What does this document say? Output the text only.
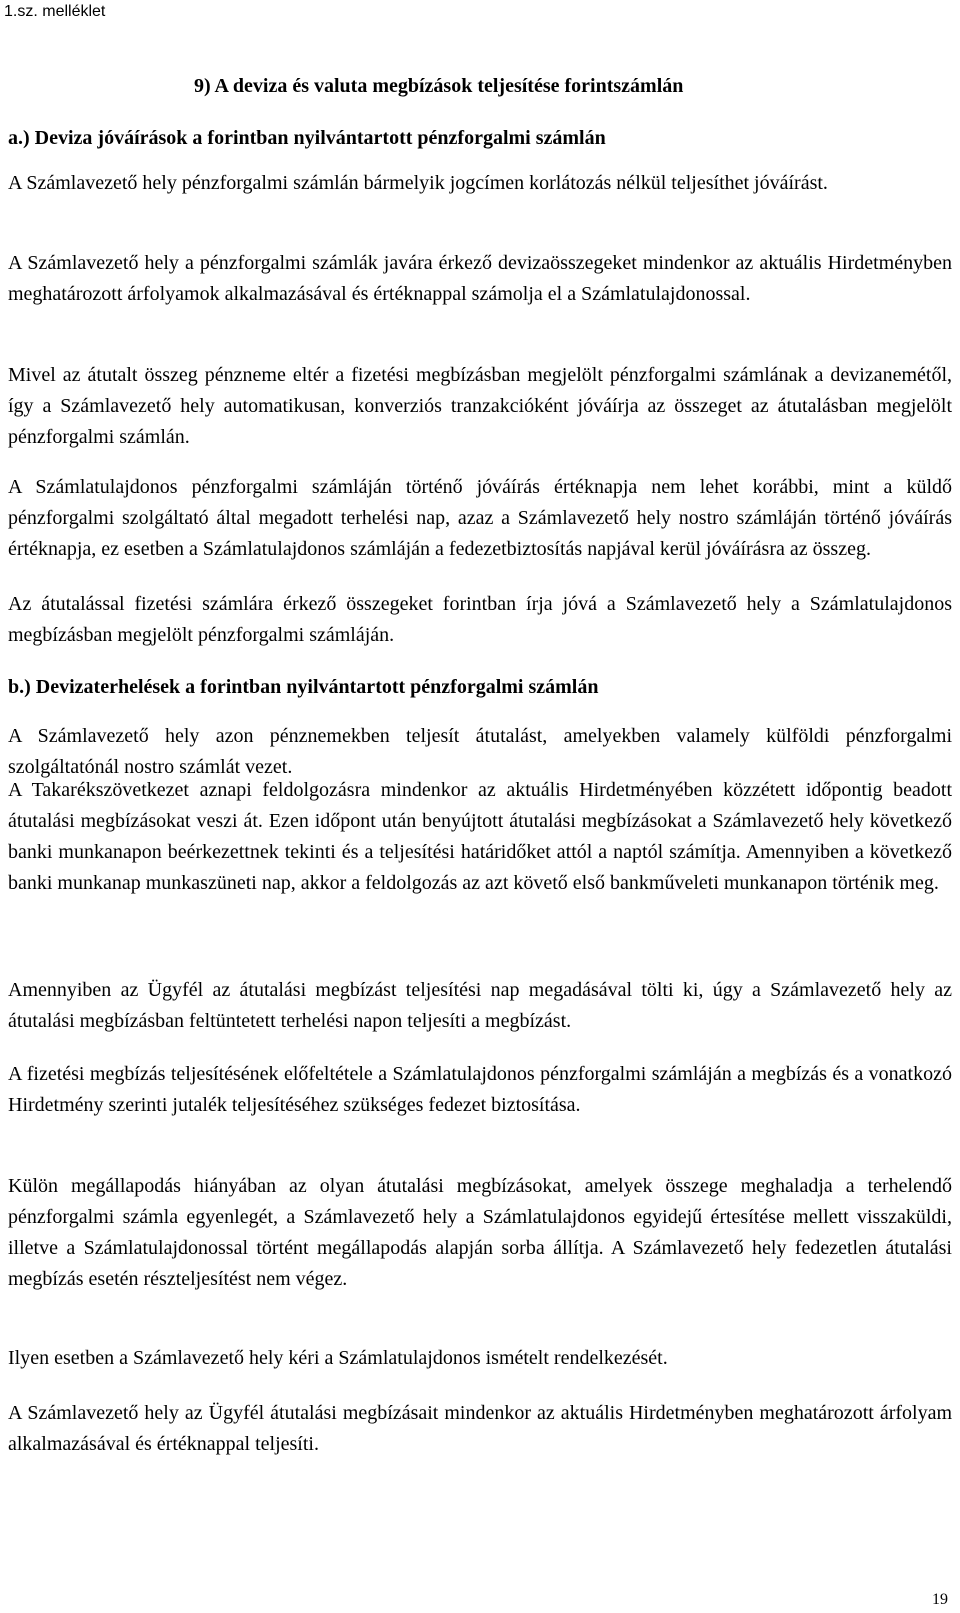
1.sz. melléklet
9) A deviza és valuta megbízások teljesítése forintszámlán
a.) Deviza jóváírások a forintban nyilvántartott pénzforgalmi számlán

A Számlavezető hely pénzforgalmi számlán bármelyik jogcímen korlátozás nélkül teljesíthet jóváírást.

A Számlavezető hely a pénzforgalmi számlák javára érkező devizaösszegeket mindenkor az aktuális Hirdetményben meghatározott árfolyamok alkalmazásával és értéknappal számolja el a Számlatulajdonossal.

Mivel az átutalt összeg pénzneme eltér a fizetési megbízásban megjelölt pénzforgalmi számlának a devizanemétől, így a Számlavezető hely automatikusan, konverziós tranzakcióként jóváírja az összeget az átutalásban megjelölt pénzforgalmi számlán.

A Számlatulajdonos pénzforgalmi számláján történő jóváírás értéknapja nem lehet korábbi, mint a küldő pénzforgalmi szolgáltató által megadott terhelési nap, azaz a Számlavezető hely nostro számláján történő jóváírás értéknapja, ez esetben a Számlatulajdonos számláján a fedezetbiztosítás napjával kerül jóváírásra az összeg.

Az átutalással fizetési számlára érkező összegeket forintban írja jóvá a Számlavezető hely a Számlatulajdonos megbízásban megjelölt pénzforgalmi számláján.

b.) Devizaterhelések a forintban nyilvántartott pénzforgalmi számlán

A Számlavezető hely azon pénznemekben teljesít átutalást, amelyekben valamely külföldi pénzforgalmi szolgáltatónál nostro számlát vezet.

A Takarékszövetkezet aznapi feldolgozásra mindenkor az aktuális Hirdetményében közzétett időpontig beadott átutalási megbízásokat veszi át. Ezen időpont után benyújtott átutalási megbízásokat a Számlavezető hely következő banki munkanapon beérkezettnek tekinti és a teljesítési határidőket attól a naptól számítja. Amennyiben a következő banki munkanap munkaszüneti nap, akkor a feldolgozás az azt követő első bankműveleti munkanapon történik meg.

Amennyiben az Ügyfél az átutalási megbízást teljesítési nap megadásával tölti ki, úgy a Számlavezető hely az átutalási megbízásban feltüntetett terhelési napon teljesíti a megbízást.

A fizetési megbízás teljesítésének előfeltétele a Számlatulajdonos pénzforgalmi számláján a megbízás és a vonatkozó Hirdetmény szerinti jutalék teljesítéséhez szükséges fedezet biztosítása.

Külön megállapodás hiányában az olyan átutalási megbízásokat, amelyek összege meghaladja a terhelendő pénzforgalmi számla egyenlegét, a Számlavezető hely a Számlatulajdonos egyidejű értesítése mellett visszaküldi, illetve a Számlatulajdonossal történt megállapodás alapján sorba állítja. A Számlavezető hely fedezetlen átutalási megbízás esetén részteljesítést nem végez.

Ilyen esetben a Számlavezető hely kéri a Számlatulajdonos ismételt rendelkezését.

A Számlavezető hely az Ügyfél átutalási megbízásait mindenkor az aktuális Hirdetményben meghatározott árfolyam alkalmazásával és értéknappal teljesíti.

19
